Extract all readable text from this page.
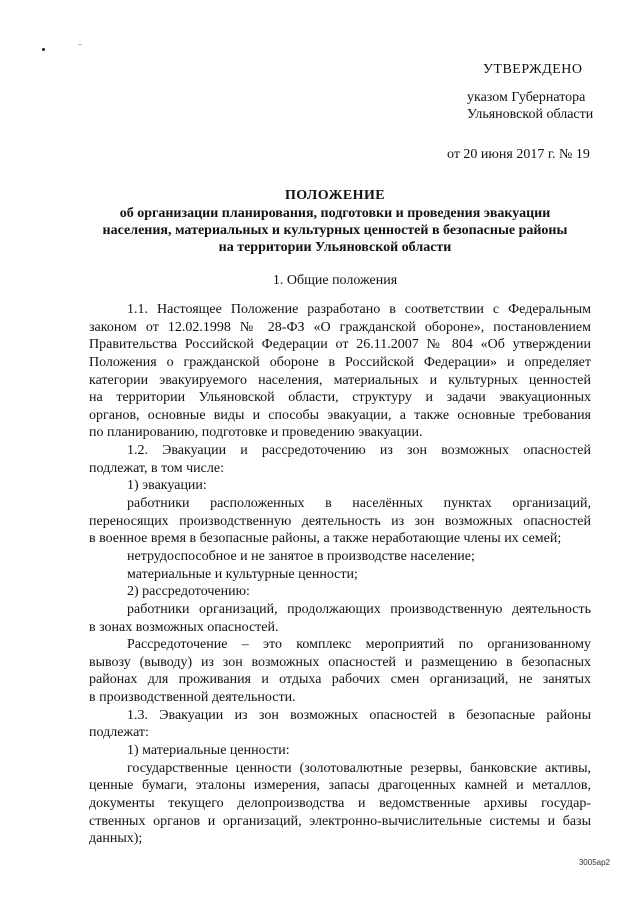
УТВЕРЖДЕНО
указом Губернатора
Ульяновской области
от 20 июня 2017 г. № 19
ПОЛОЖЕНИЕ
об организации планирования, подготовки и проведения эвакуации
населения, материальных и культурных ценностей в безопасные районы
на территории Ульяновской области
1. Общие положения
1.1. Настоящее Положение разработано в соответствии с Федеральным
законом от 12.02.1998 № 28-ФЗ «О гражданской обороне», постановлением
Правительства Российской Федерации от 26.11.2007 № 804 «Об утверждении
Положения о гражданской обороне в Российской Федерации» и определяет
категории эвакуируемого населения, материальных и культурных ценностей
на территории Ульяновской области, структуру и задачи эвакуационных
органов, основные виды и способы эвакуации, а также основные требования
по планированию, подготовке и проведению эвакуации.
1.2. Эвакуации и рассредоточению из зон возможных опасностей
подлежат, в том числе:
1) эвакуации:
работники расположенных в населённых пунктах организаций,
переносящих производственную деятельность из зон возможных опасностей
в военное время в безопасные районы, а также неработающие члены их семей;
нетрудоспособное и не занятое в производстве население;
материальные и культурные ценности;
2) рассредоточению:
работники организаций, продолжающих производственную деятельность
в зонах возможных опасностей.
Рассредоточение – это комплекс мероприятий по организованному
вывозу (выводу) из зон возможных опасностей и размещению в безопасных
районах для проживания и отдыха рабочих смен организаций, не занятых
в производственной деятельности.
1.3. Эвакуации из зон возможных опасностей в безопасные районы
подлежат:
1) материальные ценности:
государственные ценности (золотовалютные резервы, банковские активы,
ценные бумаги, эталоны измерения, запасы драгоценных камней и металлов,
документы текущего делопроизводства и ведомственные архивы государ-
ственных органов и организаций, электронно-вычислительные системы и базы
данных);
3005ар2
